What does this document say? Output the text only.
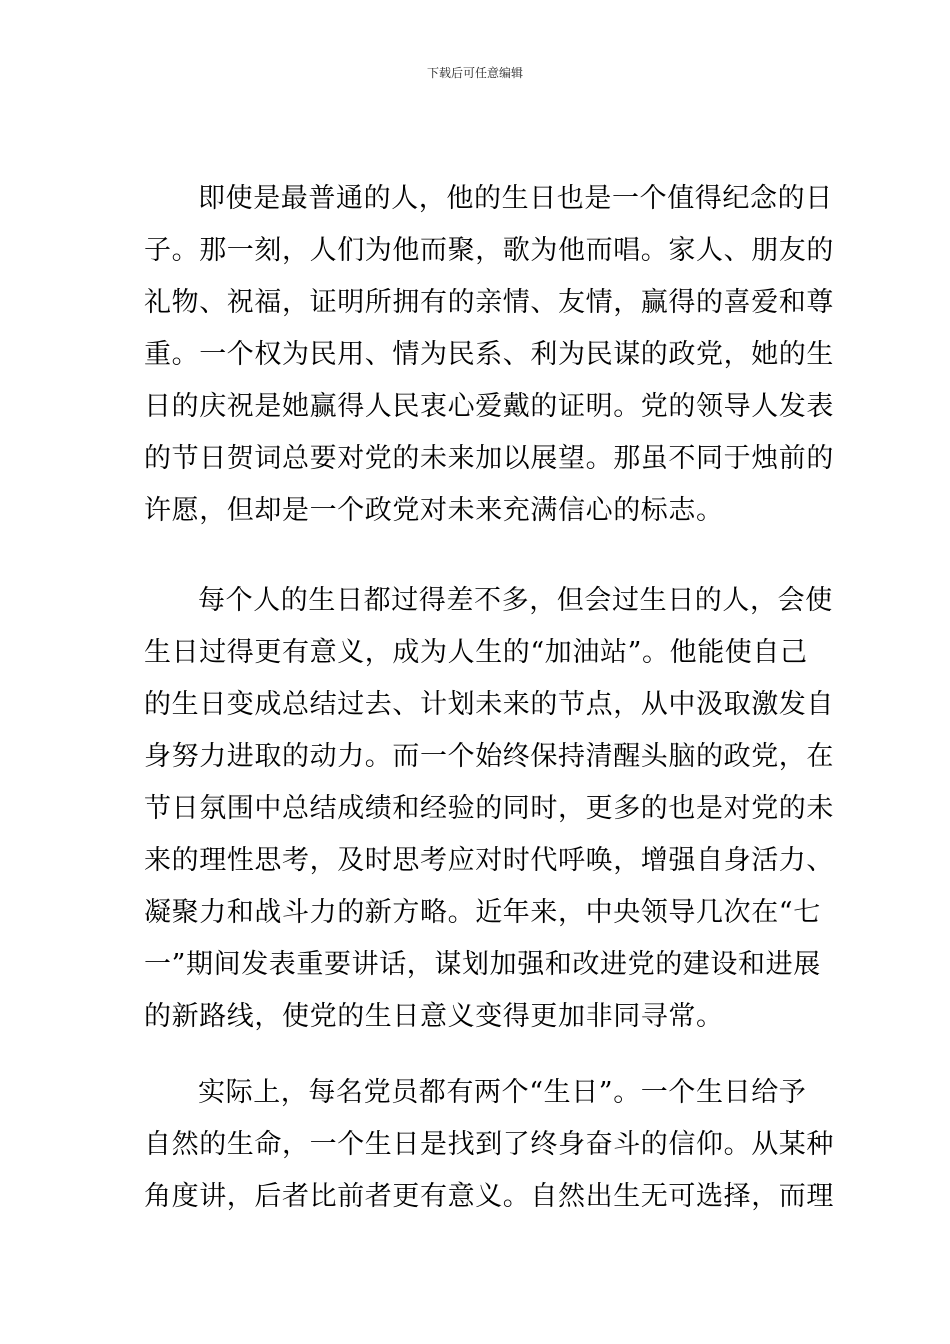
下载后可任意编辑
即使是最普通的人，他的生日也是一个值得纪念的日
子。那一刻，人们为他而聚，歌为他而唱。家人、朋友的
礼物、祝福，证明所拥有的亲情、友情，赢得的喜爱和尊
重。一个权为民用、情为民系、利为民谋的政党，她的生
日的庆祝是她赢得人民衷心爱戴的证明。党的领导人发表
的节日贺词总要对党的未来加以展望。那虽不同于烛前的
许愿，但却是一个政党对未来充满信心的标志。
每个人的生日都过得差不多，但会过生日的人，会使
生日过得更有意义，成为人生的“加油站”。他能使自己
的生日变成总结过去、计划未来的节点，从中汲取激发自
身努力进取的动力。而一个始终保持清醒头脑的政党，在
节日氛围中总结成绩和经验的同时，更多的也是对党的未
来的理性思考，及时思考应对时代呼唤，增强自身活力、
凝聚力和战斗力的新方略。近年来，中央领导几次在“七
一”期间发表重要讲话，谋划加强和改进党的建设和进展
的新路线，使党的生日意义变得更加非同寻常。
实际上，每名党员都有两个“生日”。一个生日给予
自然的生命，一个生日是找到了终身奋斗的信仰。从某种
角度讲，后者比前者更有意义。自然出生无可选择，而理
